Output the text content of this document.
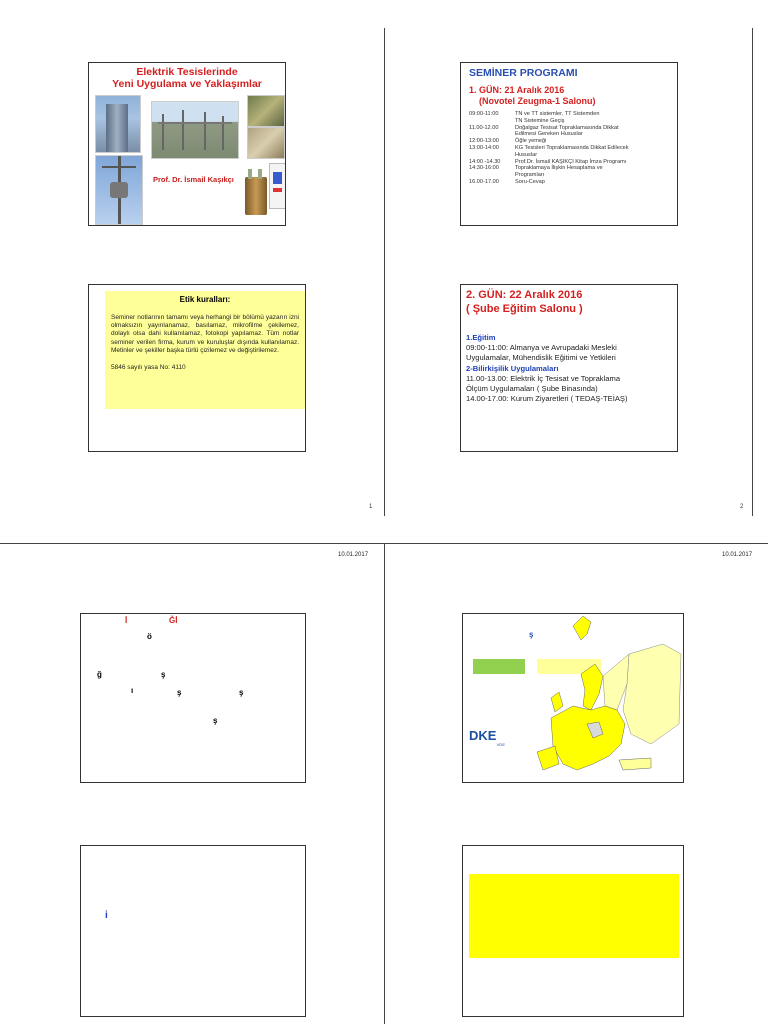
1	2
10.01.2017	10.01.2017
Elektrik Tesislerinde
Yeni Uygulama ve Yaklaşımlar
Prof. Dr. İsmail Kaşıkçı
SEMİNER PROGRAMI
1. GÜN: 21 Aralık 2016
(Novotel Zeugma-1 Salonu)
09:00-11:00	TN ve TT sistemler, TT Sistemden
TN Sistemine Geçiş
11.00-12.00	Doğalgaz Tesisat Topraklamasında Dikkat
Edilmesi Gereken Hususlar
12:00-13:00	Öğle yemeği
13:00-14:00	KG Tesisleri Topraklamasında Dikkat Edilecek
Hususlar
14:00 -14.30	Prof.Dr. İsmail KAŞIKÇI Kitap İmza Programı
14:30-16:00	Topraklamaya İlişkin Hesaplama ve
Programları
16.00-17.00	Soru-Cevap
Etik kuralları:
Seminer notlarının tamamı veya herhangi bir bölümü yazarın izni olmaksızın yayınlanamaz, basılamaz, mikrofilme çekilemez, dolaylı olsa dahi kullanılamaz, fotokopi yapılamaz. Tüm notlar seminer verilen firma, kurum ve kuruluşlar dışında kullanılamaz. Metinler ve şekiller başka türlü çizilemez ve değiştirilemez.
5846 sayılı yasa No: 4110
2. GÜN: 22 Aralık 2016
( Şube Eğitim Salonu )
1.Eğitim
09:00-11:00: Almanya ve Avrupadaki Mesleki
Uygulamalar, Mühendislik Eğitimi ve Yetkileri
2-Bilirkişilik Uygulamaları
11.00-13.00: Elektrik İç Tesisat ve Topraklama
Ölçüm Uygulamaları ( Şube Binasında)
14.00-17.00: Kurum Ziyaretleri ( TEDAŞ-TEİAŞ)
İ	Ğİ
ö
ğ	ş
ı	ş	ş
ş
ş
DKE
VDE
i
